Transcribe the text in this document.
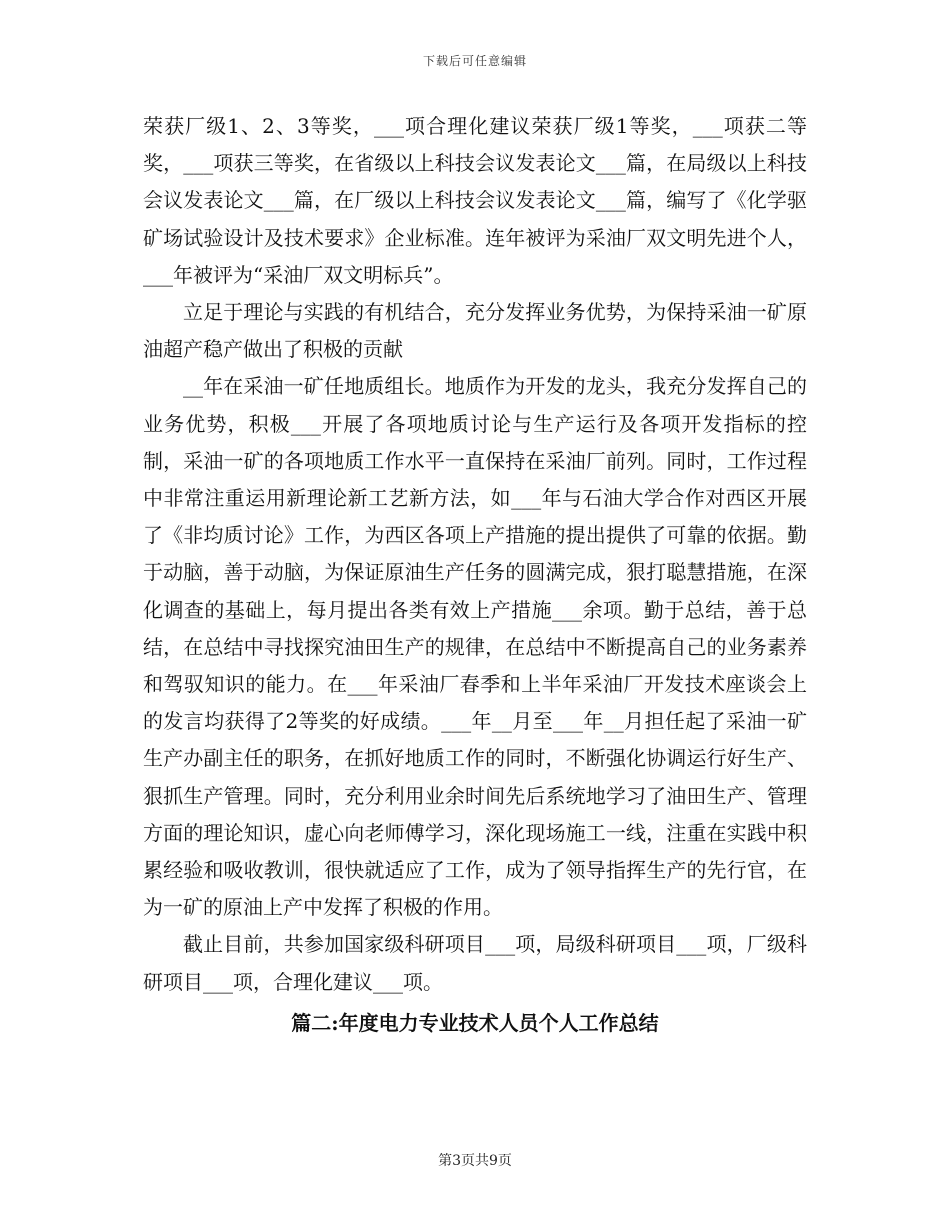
下载后可任意编辑

荣获厂级1、2、3等奖，___项合理化建议荣获厂级1等奖，___项获二等奖，___项获三等奖，在省级以上科技会议发表论文___篇，在局级以上科技会议发表论文___篇，在厂级以上科技会议发表论文___篇，编写了《化学驱矿场试验设计及技术要求》企业标准。连年被评为采油厂双文明先进个人，___年被评为“采油厂双文明标兵”。

立足于理论与实践的有机结合，充分发挥业务优势，为保持采油一矿原油超产稳产做出了积极的贡献

__年在采油一矿任地质组长。地质作为开发的龙头，我充分发挥自己的业务优势，积极___开展了各项地质讨论与生产运行及各项开发指标的控制，采油一矿的各项地质工作水平一直保持在采油厂前列。同时，工作过程中非常注重运用新理论新工艺新方法，如___年与石油大学合作对西区开展了《非均质讨论》工作，为西区各项上产措施的提出提供了可靠的依据。勤于动脑，善于动脑，为保证原油生产任务的圆满完成，狠打聪慧措施，在深化调查的基础上，每月提出各类有效上产措施___余项。勤于总结，善于总结，在总结中寻找探究油田生产的规律，在总结中不断提高自己的业务素养和驾驭知识的能力。在___年采油厂春季和上半年采油厂开发技术座谈会上的发言均获得了2等奖的好成绩。___年__月至___年__月担任起了采油一矿生产办副主任的职务，在抓好地质工作的同时，不断强化协调运行好生产、狠抓生产管理。同时，充分利用业余时间先后系统地学习了油田生产、管理方面的理论知识，虚心向老师傅学习，深化现场施工一线，注重在实践中积累经验和吸收教训，很快就适应了工作，成为了领导指挥生产的先行官，在为一矿的原油上产中发挥了积极的作用。

截止目前，共参加国家级科研项目___项，局级科研项目___项，厂级科研项目___项，合理化建议___项。

篇二:年度电力专业技术人员个人工作总结
第3页共9页
